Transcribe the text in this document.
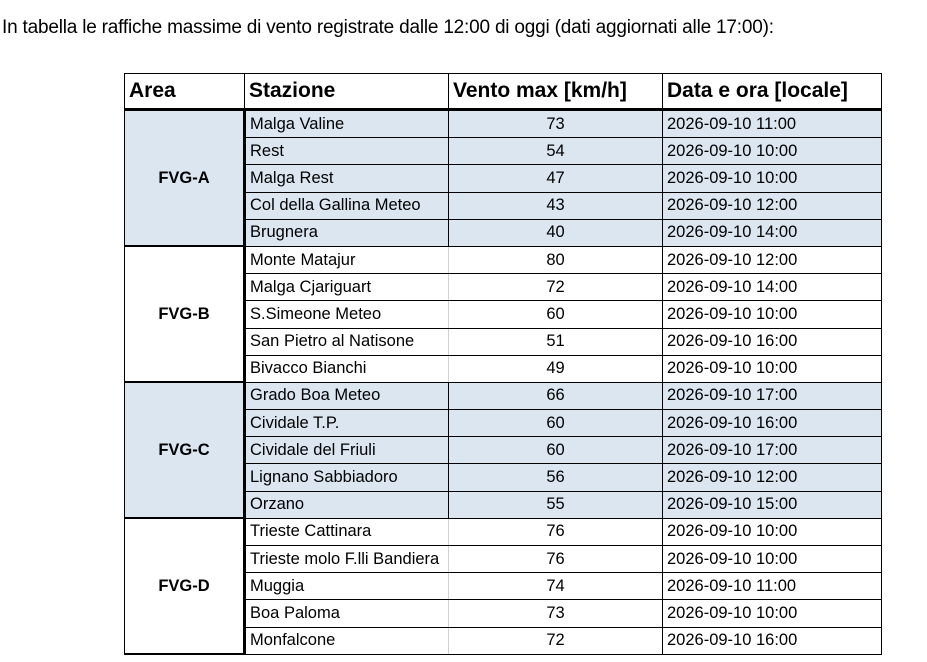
In tabella le raffiche massime di vento registrate dalle 12:00 di oggi (dati aggiornati alle 17:00):
Area	Stazione	Vento max [km/h]	Data e ora [locale]
FVG-A	Malga Valine	73	2026-09-10 11:00
	Rest	54	2026-09-10 10:00
	Malga Rest	47	2026-09-10 10:00
	Col della Gallina Meteo	43	2026-09-10 12:00
	Brugnera	40	2026-09-10 14:00
FVG-B	Monte Matajur	80	2026-09-10 12:00
	Malga Cjariguart	72	2026-09-10 14:00
	S.Simeone Meteo	60	2026-09-10 10:00
	San Pietro al Natisone	51	2026-09-10 16:00
	Bivacco Bianchi	49	2026-09-10 10:00
FVG-C	Grado Boa Meteo	66	2026-09-10 17:00
	Cividale T.P.	60	2026-09-10 16:00
	Cividale del Friuli	60	2026-09-10 17:00
	Lignano Sabbiadoro	56	2026-09-10 12:00
	Orzano	55	2026-09-10 15:00
FVG-D	Trieste Cattinara	76	2026-09-10 10:00
	Trieste molo F.lli Bandiera	76	2026-09-10 10:00
	Muggia	74	2026-09-10 11:00
	Boa Paloma	73	2026-09-10 10:00
	Monfalcone	72	2026-09-10 16:00
